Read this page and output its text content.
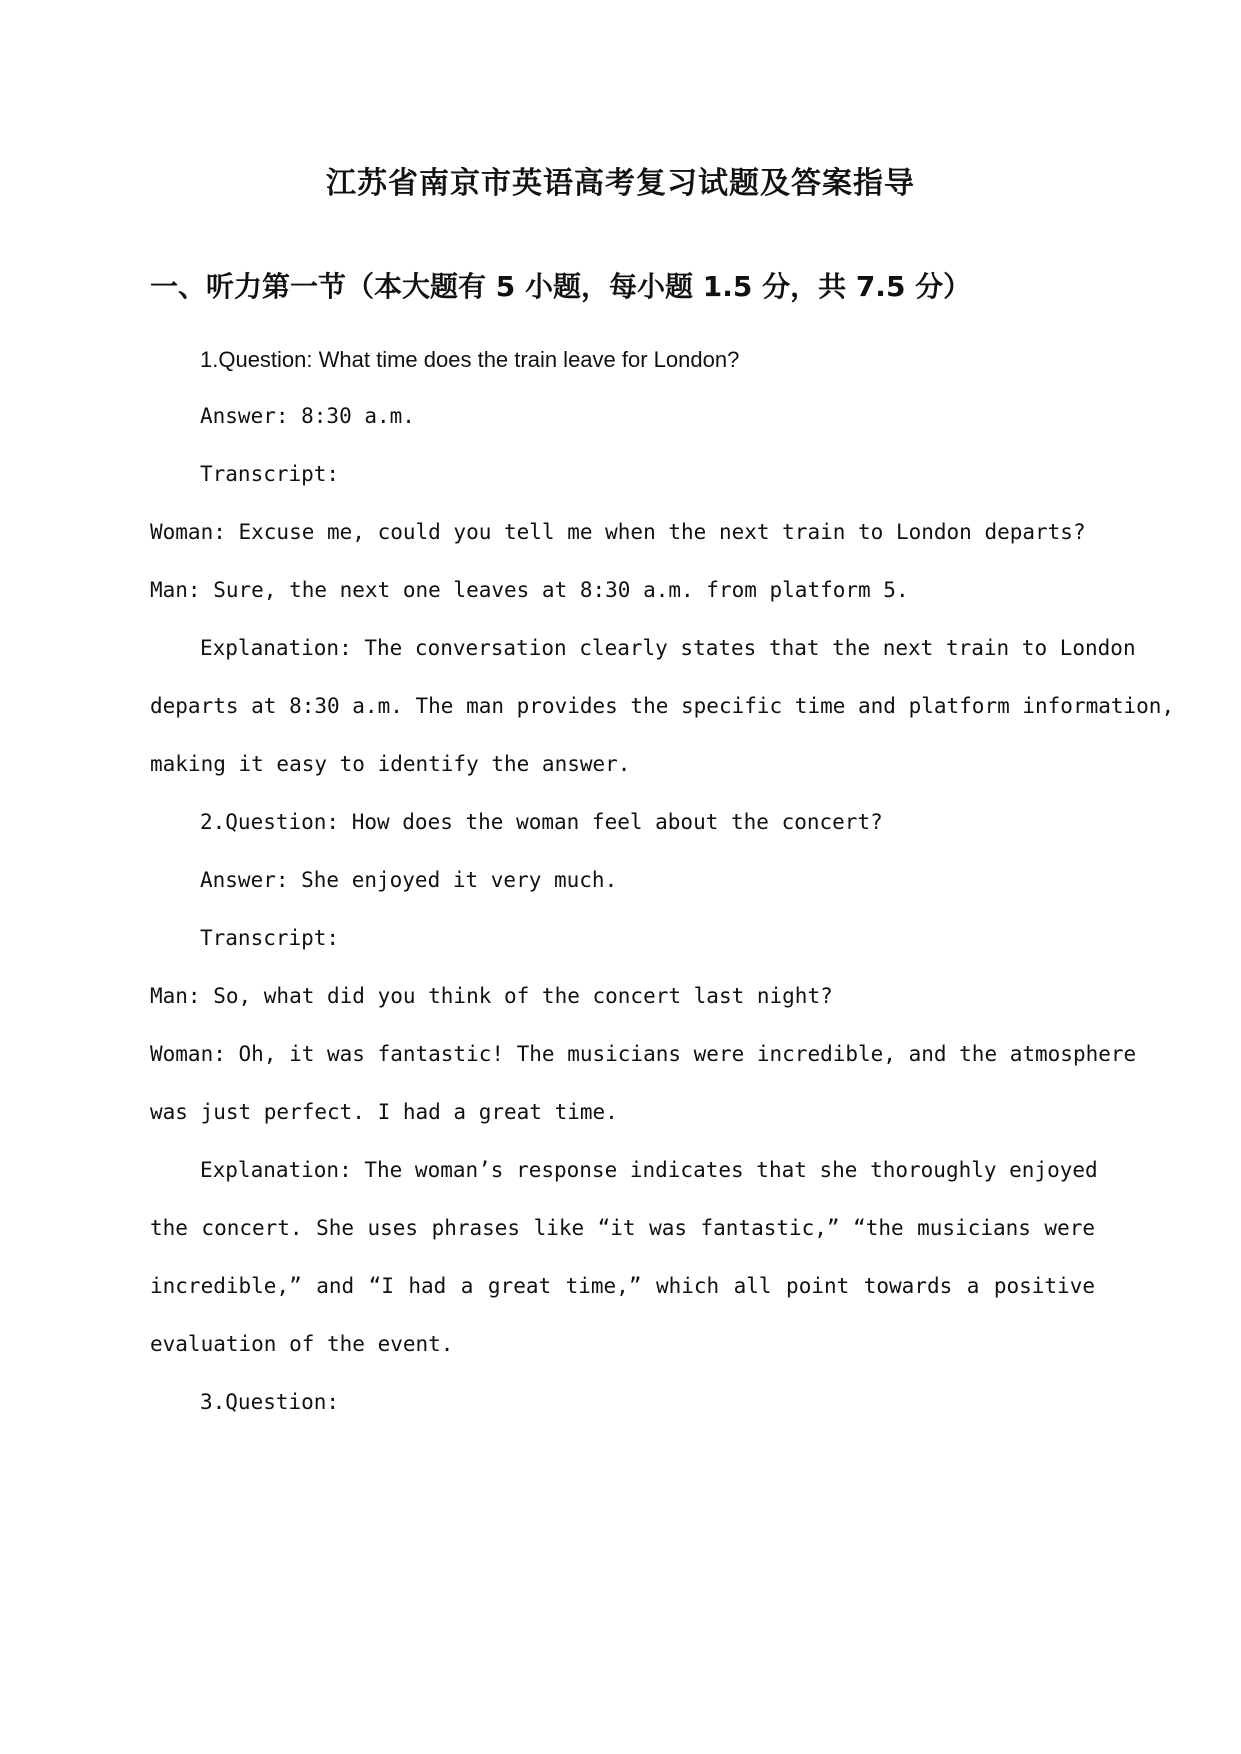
江苏省南京市英语高考复习试题及答案指导
一、听力第一节（本大题有 5 小题，每小题 1.5 分，共 7.5 分）

1.Question: What time does the train leave for London?

Answer: 8:30 a.m.

Transcript:

Woman: Excuse me, could you tell me when the next train to London departs?

Man: Sure, the next one leaves at 8:30 a.m. from platform 5.

Explanation: The conversation clearly states that the next train to London

departs at 8:30 a.m. The man provides the specific time and platform information,

making it easy to identify the answer.

2.Question: How does the woman feel about the concert?

Answer: She enjoyed it very much.

Transcript:

Man: So, what did you think of the concert last night?

Woman: Oh, it was fantastic! The musicians were incredible, and the atmosphere

was just perfect. I had a great time.

Explanation: The woman’s response indicates that she thoroughly enjoyed

the concert. She uses phrases like “it was fantastic,” “the musicians were

incredible,” and “I had a great time,” which all point towards a positive

evaluation of the event.

3.Question:
